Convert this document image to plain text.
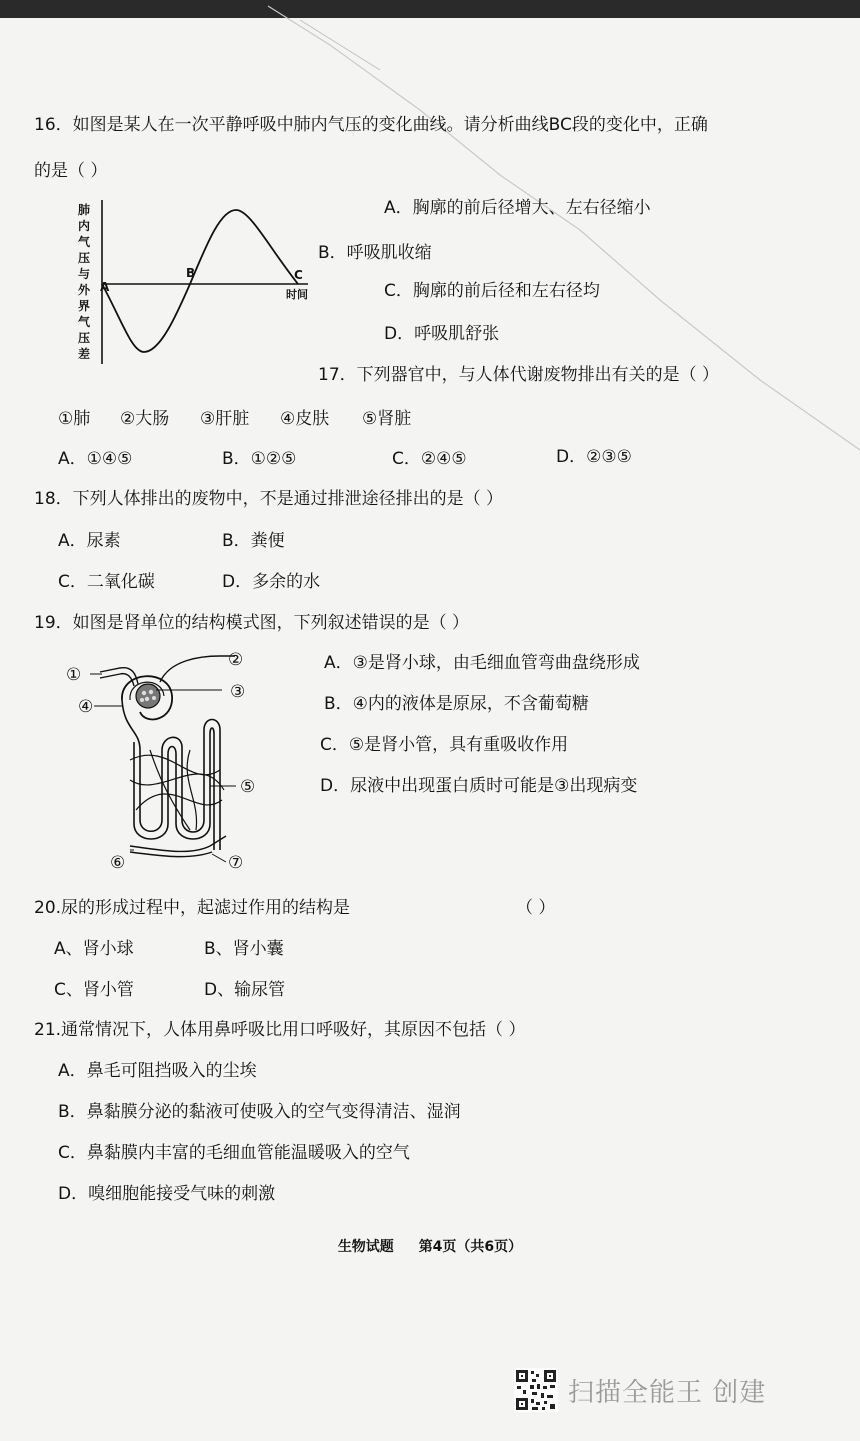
16．如图是某人在一次平静呼吸中肺内气压的变化曲线。请分析曲线BC段的变化中，正确
的是（ ）
肺内气压与外界气压差
A
B	C
时间
A．胸廓的前后径增大、左右径缩小
B．呼吸肌收缩
C．胸廓的前后径和左右径均
D．呼吸肌舒张
17．下列器官中，与人体代谢废物排出有关的是（ ）
①肺 ②大肠 ③肝脏 ④皮肤 ⑤肾脏
A．①④⑤	B．①②⑤	C．②④⑤	D．②③⑤
18．下列人体排出的废物中，不是通过排泄途径排出的是（ ）
A．尿素	B．粪便
C．二氧化碳	D．多余的水
19．如图是肾单位的结构模式图，下列叙述错误的是（ ）
①
②
③
④
⑤
⑥	⑦
A．③是肾小球，由毛细血管弯曲盘绕形成
B．④内的液体是原尿，不含葡萄糖
C．⑤是肾小管，具有重吸收作用
D．尿液中出现蛋白质时可能是③出现病变
20.尿的形成过程中，起滤过作用的结构是	（ ）
A、肾小球	B、肾小囊
C、肾小管	D、输尿管
21.通常情况下，人体用鼻呼吸比用口呼吸好，其原因不包括（ ）
A．鼻毛可阻挡吸入的尘埃
B．鼻黏膜分泌的黏液可使吸入的空气变得清洁、湿润
C．鼻黏膜内丰富的毛细血管能温暖吸入的空气
D．嗅细胞能接受气味的刺激
生物试题 第4页（共6页）
扫描全能王 创建
